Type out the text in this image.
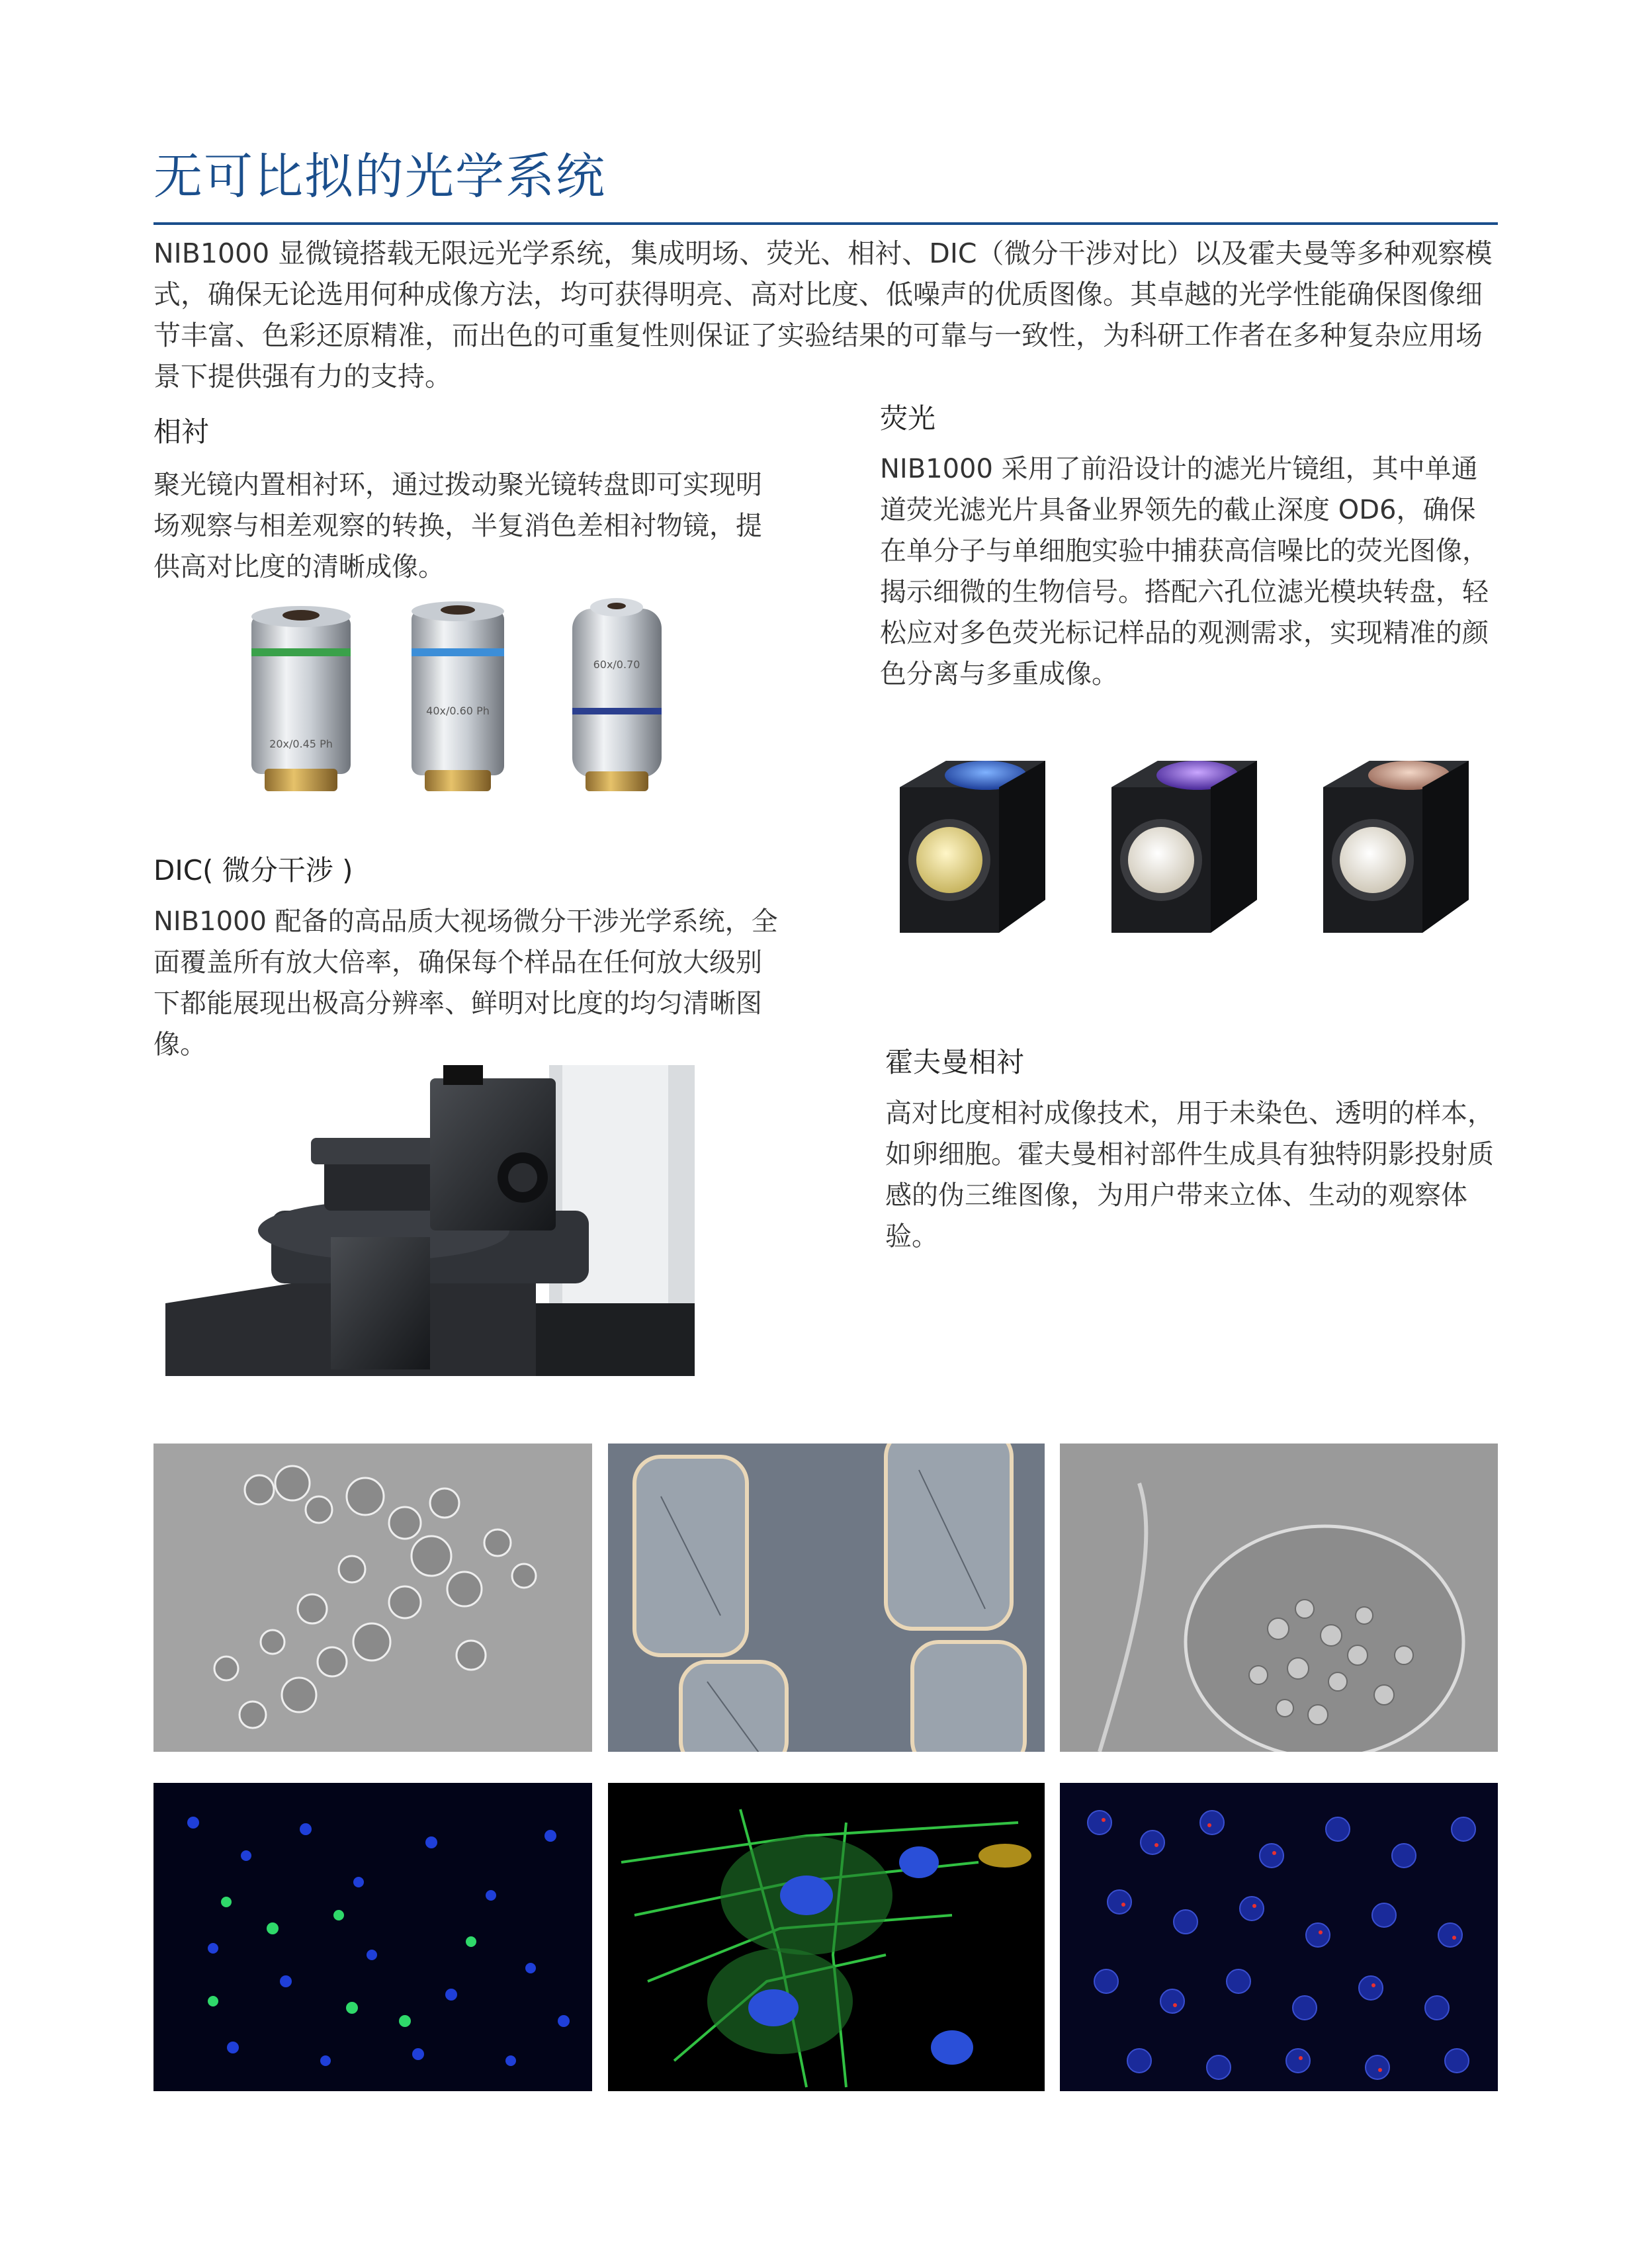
无可比拟的光学系统
NIB1000 显微镜搭载无限远光学系统，集成明场、荧光、相衬、DIC（微分干涉对比）以及霍夫曼等多种观察模式，确保无论选用何种成像方法，均可获得明亮、高对比度、低噪声的优质图像。其卓越的光学性能确保图像细节丰富、色彩还原精准，而出色的可重复性则保证了实验结果的可靠与一致性，为科研工作者在多种复杂应用场景下提供强有力的支持。
相衬
聚光镜内置相衬环，通过拨动聚光镜转盘即可实现明场观察与相差观察的转换，半复消色差相衬物镜，提供高对比度的清晰成像。
20x/0.45 Ph
40x/0.60 Ph
60x/0.70
DIC( 微分干涉 )
NIB1000 配备的高品质大视场微分干涉光学系统，全面覆盖所有放大倍率，确保每个样品在任何放大级别下都能展现出极高分辨率、鲜明对比度的均匀清晰图像。
荧光
NIB1000 采用了前沿设计的滤光片镜组，其中单通道荧光滤光片具备业界领先的截止深度 OD6，确保在单分子与单细胞实验中捕获高信噪比的荧光图像，揭示细微的生物信号。搭配六孔位滤光模块转盘，轻松应对多色荧光标记样品的观测需求，实现精准的颜色分离与多重成像。
霍夫曼相衬
高对比度相衬成像技术，用于未染色、透明的样本，如卵细胞。霍夫曼相衬部件生成具有独特阴影投射质感的伪三维图像，为用户带来立体、生动的观察体验。
